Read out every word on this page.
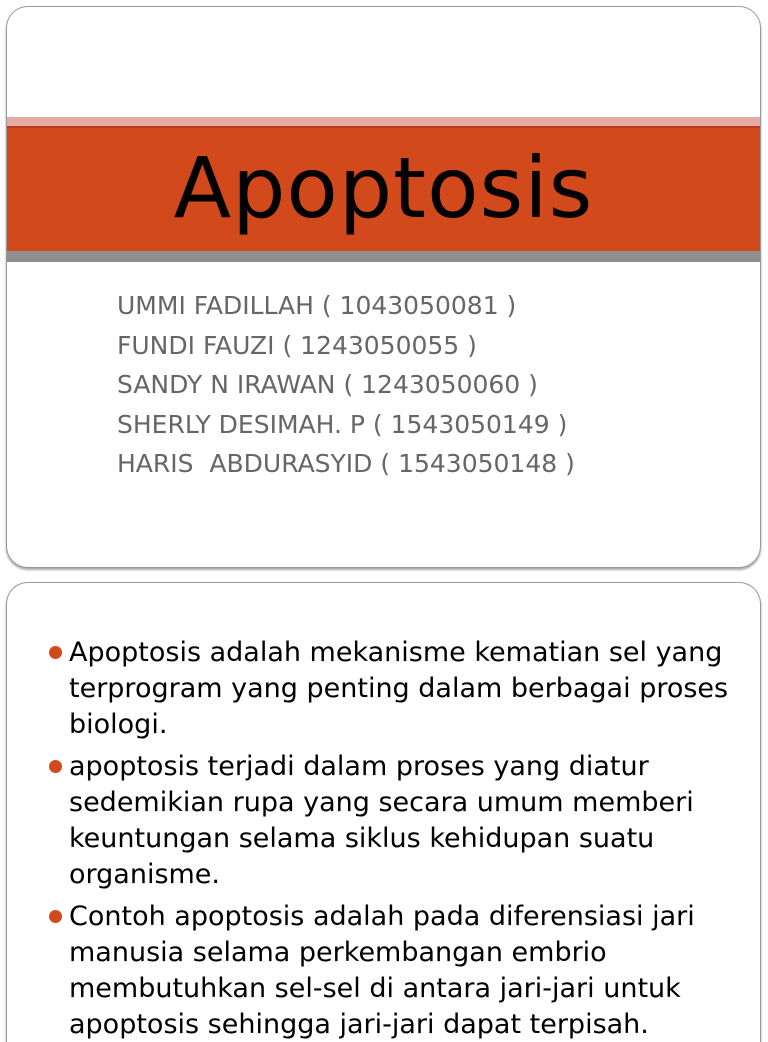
Apoptosis
UMMI FADILLAH ( 1043050081 )
FUNDI FAUZI ( 1243050055 )
SANDY N IRAWAN ( 1243050060 )
SHERLY DESIMAH. P ( 1543050149 )
HARIS  ABDURASYID ( 1543050148 )
Apoptosis adalah mekanisme kematian sel yang terprogram yang penting dalam berbagai proses biologi.
apoptosis terjadi dalam proses yang diatur sedemikian rupa yang secara umum memberi keuntungan selama siklus kehidupan suatu organisme.
Contoh apoptosis adalah pada diferensiasi jari manusia selama perkembangan embrio membutuhkan sel-sel di antara jari-jari untuk apoptosis sehingga jari-jari dapat terpisah.
